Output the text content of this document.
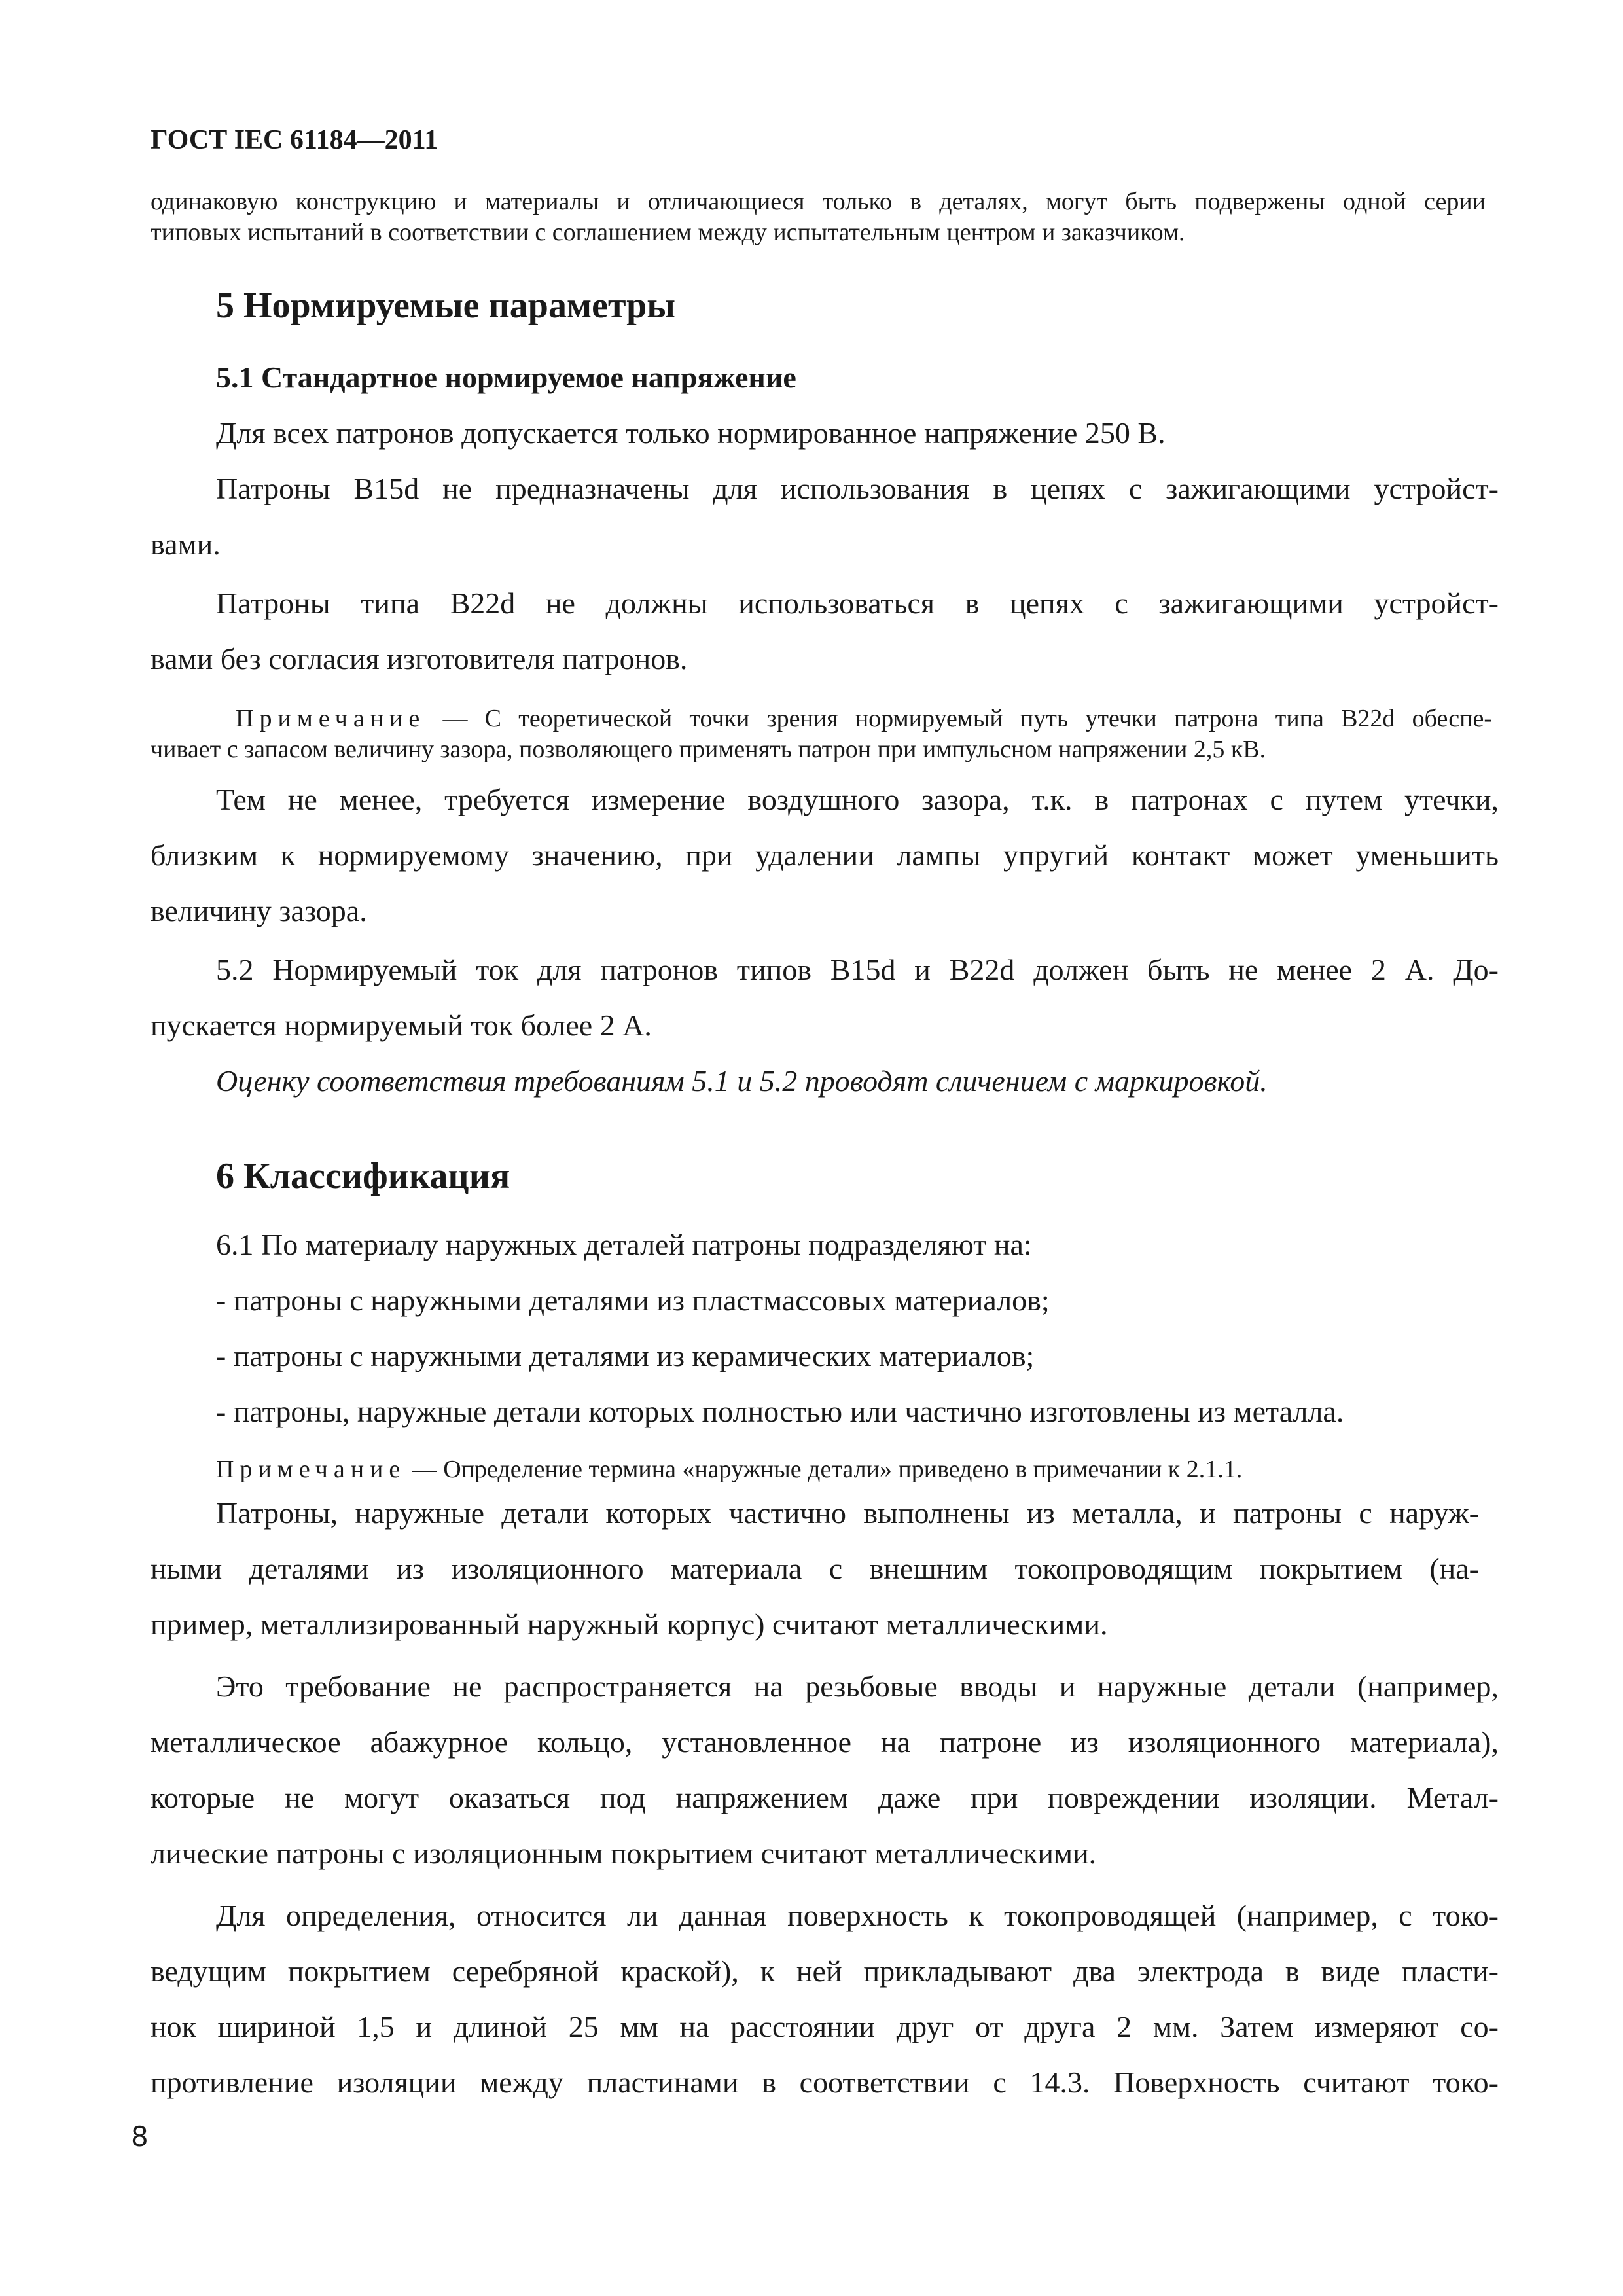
ГОСТ IEC 61184—2011
одинаковую конструкцию и материалы и отличающиеся только в деталях, могут быть подвержены одной серии
типовых испытаний в соответствии с соглашением между испытательным центром и заказчиком.
5 Нормируемые параметры
5.1 Стандартное нормируемое напряжение
Для всех патронов допускается только нормированное напряжение 250 В.
Патроны B15d не предназначены для использования в цепях с зажигающими устройст-
вами.
Патроны типа B22d не должны использоваться в цепях с зажигающими устройст-
вами без согласия изготовителя патронов.
Примечание — С теоретической точки зрения нормируемый путь утечки патрона типа B22d обеспе-
чивает с запасом величину зазора, позволяющего применять патрон при импульсном напряжении 2,5 кВ.
Тем не менее, требуется измерение воздушного зазора, т.к. в патронах с путем утечки,
близким к нормируемому значению, при удалении лампы упругий контакт может уменьшить
величину зазора.
5.2 Нормируемый ток для патронов типов B15d и B22d должен быть не менее 2 А. До-
пускается нормируемый ток более 2 А.
Оценку соответствия требованиям 5.1 и 5.2 проводят сличением с маркировкой.
6 Классификация
6.1 По материалу наружных деталей патроны подразделяют на:
- патроны с наружными деталями из пластмассовых материалов;
- патроны с наружными деталями из керамических материалов;
- патроны, наружные детали которых полностью или частично изготовлены из металла.
Примечание — Определение термина «наружные детали» приведено в примечании к 2.1.1.
Патроны, наружные детали которых частично выполнены из металла, и патроны с наруж-
ными деталями из изоляционного материала с внешним токопроводящим покрытием (на-
пример, металлизированный наружный корпус) считают металлическими.
Это требование не распространяется на резьбовые вводы и наружные детали (например,
металлическое абажурное кольцо, установленное на патроне из изоляционного материала),
которые не могут оказаться под напряжением даже при повреждении изоляции. Метал-
лические патроны с изоляционным покрытием считают металлическими.
Для определения, относится ли данная поверхность к токопроводящей (например, с токо-
ведущим покрытием серебряной краской), к ней прикладывают два электрода в виде пласти-
нок шириной 1,5 и длиной 25 мм на расстоянии друг от друга 2 мм. Затем измеряют со-
противление изоляции между пластинами в соответствии с 14.3. Поверхность считают токо-
8
